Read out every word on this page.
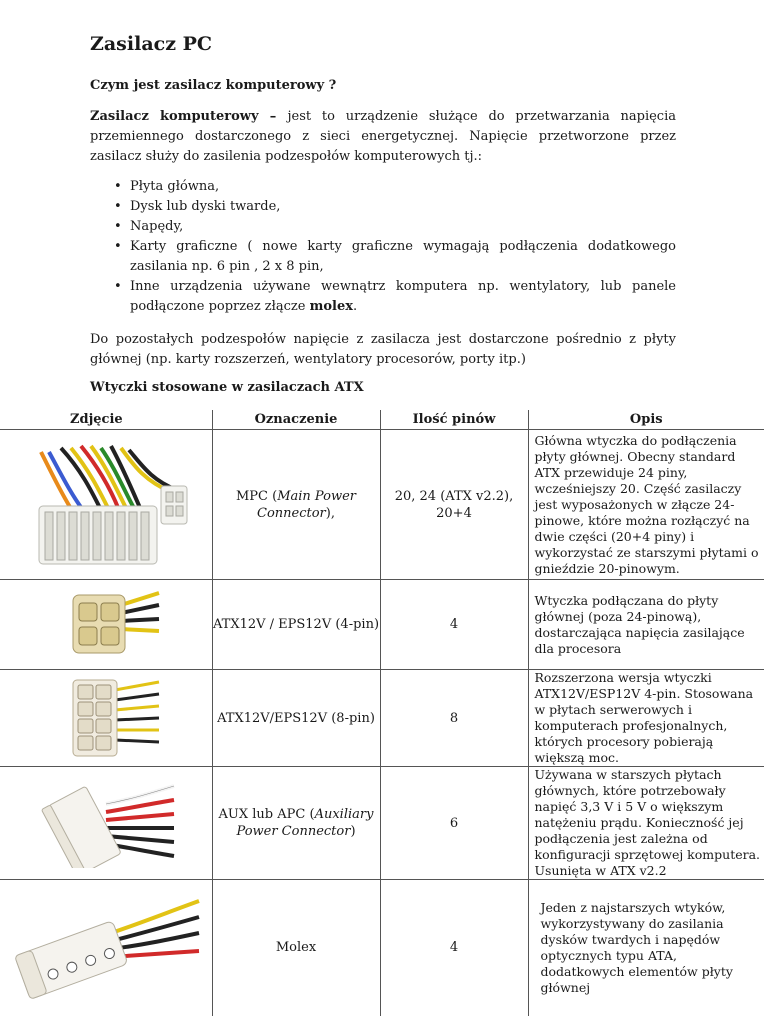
Zasilacz PC

Czym jest zasilacz komputerowy ?

Zasilacz komputerowy – jest to urządzenie służące do przetwarzania napięcia przemiennego dostarczonego z sieci energetycznej. Napięcie przetworzone przez zasilacz służy do zasilenia podzespołów komputerowych tj.:

• Płyta główna,
• Dysk lub dyski twarde,
• Napędy,
• Karty graficzne ( nowe karty graficzne wymagają podłączenia dodatkowego zasilania np. 6 pin , 2 x 8 pin,
• Inne urządzenia używane wewnątrz komputera np. wentylatory, lub panele podłączone poprzez złącze molex.

Do pozostałych podzespołów napięcie z zasilacza jest dostarczone pośrednio z płyty głównej (np. karty rozszerzeń, wentylatory procesorów, porty itp.)

Wtyczki stosowane w zasilaczach ATX

Zdjęcie	Oznaczenie	Ilość pinów	Opis

	MPC (Main Power Connector),	20, 24 (ATX v2.2), 20+4	Główna wtyczka do podłączenia płyty głównej. Obecny standard ATX przewiduje 24 piny, wcześniejszy 20. Część zasilaczy jest wyposażonych w złącze 24-pinowe, które można rozłączyć na dwie części (20+4 piny) i wykorzystać ze starszymi płytami o gnieździe 20-pinowym.

	ATX12V / EPS12V (4-pin)	4	Wtyczka podłączana do płyty głównej (poza 24-pinową), dostarczająca napięcia zasilające dla procesora

	ATX12V/EPS12V (8-pin)	8	Rozszerzona wersja wtyczki ATX12V/ESP12V 4-pin. Stosowana w płytach serwerowych i komputerach profesjonalnych, których procesory pobierają większą moc.

	AUX lub APC (Auxiliary Power Connector)	6	Używana w starszych płytach głównych, które potrzebowały napięć 3,3 V i 5 V o większym natężeniu prądu. Konieczność jej podłączenia jest zależna od konfiguracji sprzętowej komputera. Usunięta w ATX v2.2

	Molex	4	Jeden z najstarszych wtyków, wykorzystywany do zasilania dysków twardych i napędów optycznych typu ATA, dodatkowych elementów płyty głównej
